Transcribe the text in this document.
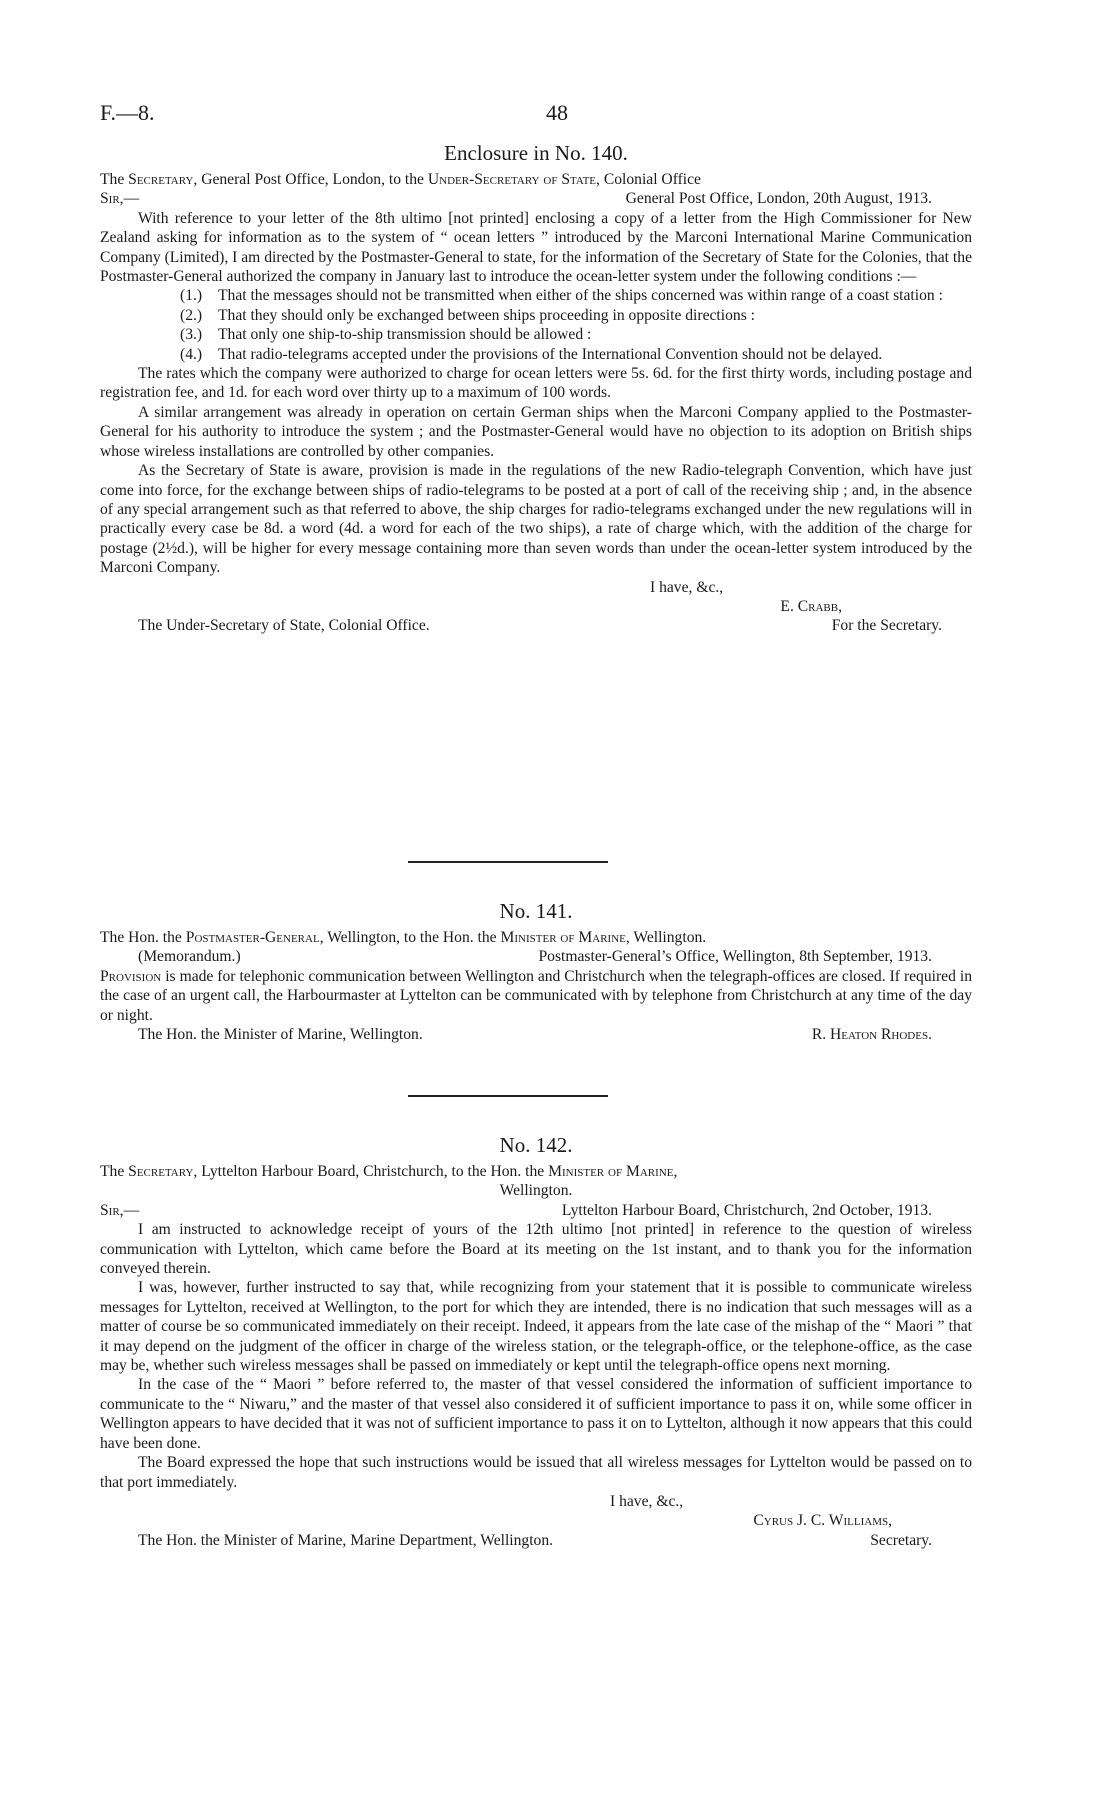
F.—8.	48
Enclosure in No. 140.
The Secretary, General Post Office, London, to the Under-Secretary of State, Colonial Office
Sir,—	General Post Office, London, 20th August, 1913.

With reference to your letter of the 8th ultimo [not printed] enclosing a copy of a letter from the High Commissioner for New Zealand asking for information as to the system of “ ocean letters ” introduced by the Marconi International Marine Communication Company (Limited), I am directed by the Postmaster-General to state, for the information of the Secretary of State for the Colonies, that the Postmaster-General authorized the company in January last to introduce the ocean-letter system under the following conditions :—

(1.)	That the messages should not be transmitted when either of the ships concerned was within range of a coast station :
(2.)	That they should only be exchanged between ships proceeding in opposite directions :
(3.)	That only one ship-to-ship transmission should be allowed :
(4.)	That radio-telegrams accepted under the provisions of the International Convention should not be delayed.

The rates which the company were authorized to charge for ocean letters were 5s. 6d. for the first thirty words, including postage and registration fee, and 1d. for each word over thirty up to a maximum of 100 words.

A similar arrangement was already in operation on certain German ships when the Marconi Company applied to the Postmaster-General for his authority to introduce the system ; and the Postmaster-General would have no objection to its adoption on British ships whose wireless installations are controlled by other companies.

As the Secretary of State is aware, provision is made in the regulations of the new Radio-telegraph Convention, which have just come into force, for the exchange between ships of radio-telegrams to be posted at a port of call of the receiving ship ; and, in the absence of any special arrangement such as that referred to above, the ship charges for radio-telegrams exchanged under the new regulations will in practically every case be 8d. a word (4d. a word for each of the two ships), a rate of charge which, with the addition of the charge for postage (2½d.), will be higher for every message containing more than seven words than under the ocean-letter system introduced by the Marconi Company.

I have, &c.,
E. Crabb,
The Under-Secretary of State, Colonial Office.	For the Secretary.
No. 141.
The Hon. the Postmaster-General, Wellington, to the Hon. the Minister of Marine, Wellington.
(Memorandum.)	Postmaster-General’s Office, Wellington, 8th September, 1913.

Provision is made for telephonic communication between Wellington and Christchurch when the telegraph-offices are closed. If required in the case of an urgent call, the Harbourmaster at Lyttelton can be communicated with by telephone from Christchurch at any time of the day or night.

The Hon. the Minister of Marine, Wellington.	R. Heaton Rhodes.
No. 142.
The Secretary, Lyttelton Harbour Board, Christchurch, to the Hon. the Minister of Marine,
Wellington.
Sir,—	Lyttelton Harbour Board, Christchurch, 2nd October, 1913.

I am instructed to acknowledge receipt of yours of the 12th ultimo [not printed] in reference to the question of wireless communication with Lyttelton, which came before the Board at its meeting on the 1st instant, and to thank you for the information conveyed therein.

I was, however, further instructed to say that, while recognizing from your statement that it is possible to communicate wireless messages for Lyttelton, received at Wellington, to the port for which they are intended, there is no indication that such messages will as a matter of course be so communicated immediately on their receipt. Indeed, it appears from the late case of the mishap of the “ Maori ” that it may depend on the judgment of the officer in charge of the wireless station, or the telegraph-office, or the telephone-office, as the case may be, whether such wireless messages shall be passed on immediately or kept until the telegraph-office opens next morning.

In the case of the “ Maori ” before referred to, the master of that vessel considered the information of sufficient importance to communicate to the “ Niwaru,” and the master of that vessel also considered it of sufficient importance to pass it on, while some officer in Wellington appears to have decided that it was not of sufficient importance to pass it on to Lyttelton, although it now appears that this could have been done.

The Board expressed the hope that such instructions would be issued that all wireless messages for Lyttelton would be passed on to that port immediately.

I have, &c.,
Cyrus J. C. Williams,
The Hon. the Minister of Marine, Marine Department, Wellington.	Secretary.
